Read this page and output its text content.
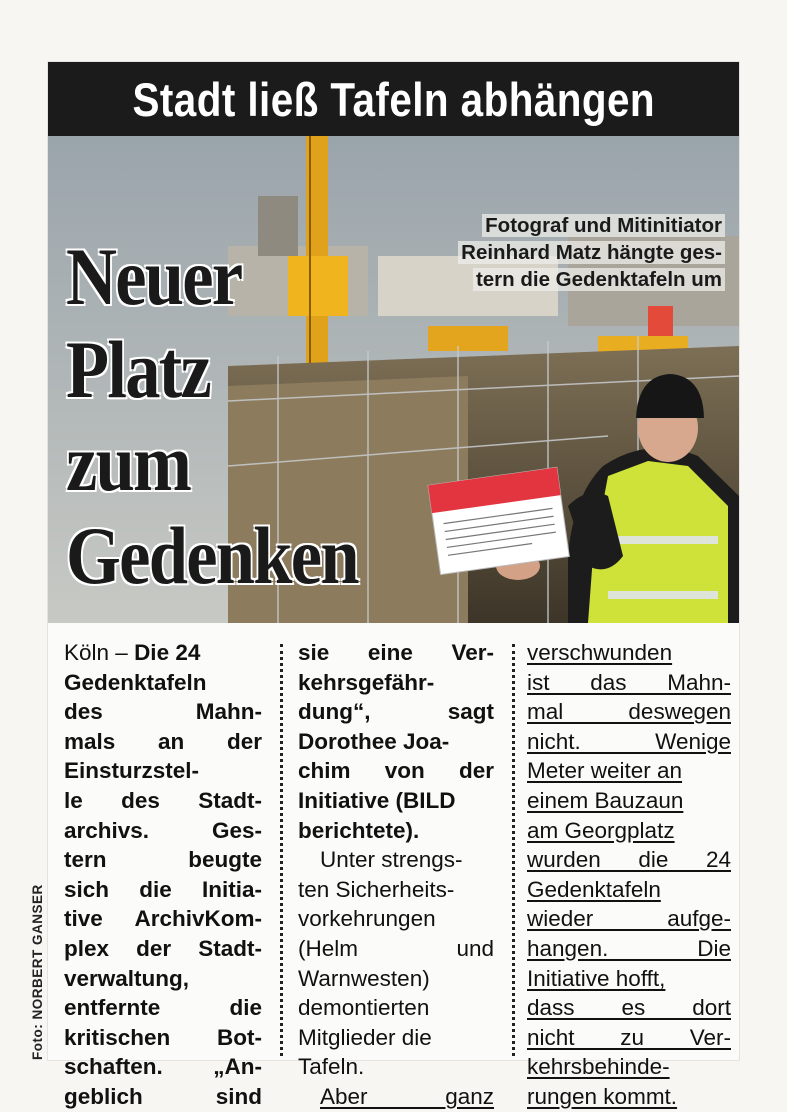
Stadt ließ Tafeln abhängen
Fotograf und Mitinitiator
Reinhard Matz hängte ges-
tern die Gedenktafeln um
Neuer
Platz
zum
Gedenken
Köln – Die 24
Gedenktafeln
des Mahn-
mals an der
Einsturzstel-
le des Stadt-
archivs. Ges-
tern beugte
sich die Initia-
tive ArchivKom-
plex der Stadt-
verwaltung,
entfernte die
kritischen Bot-
schaften. „An-
geblich sind
sie eine Ver-
kehrsgefähr-
dung“, sagt
Dorothee Joa-
chim von der
Initiative (BILD
berichtete).
Unter strengs-
ten Sicherheits-
vorkehrungen
(Helm und
Warnwesten)
demontierten
Mitglieder die
Tafeln.
Aber ganz
verschwunden
ist das Mahn-
mal deswegen
nicht. Wenige
Meter weiter an
einem Bauzaun
am Georgplatz
wurden die 24
Gedenktafeln
wieder aufge-
hangen. Die
Initiative hofft,
dass es dort
nicht zu Ver-
kehrsbehinde-
rungen kommt.
Foto: NORBERT GANSER
